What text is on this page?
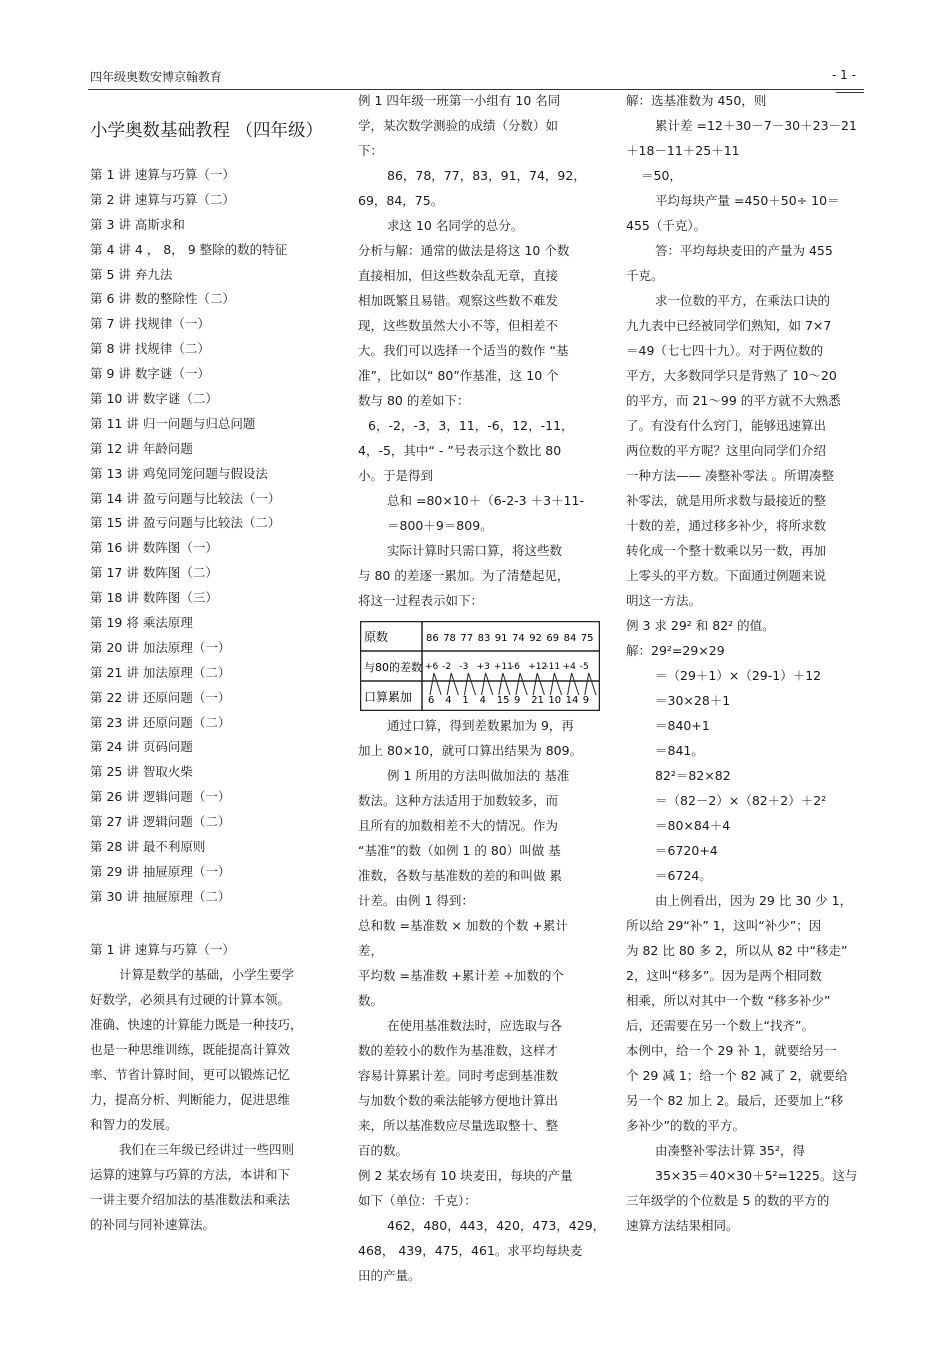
四年级奥数安博京翰教育	- 1 -
小学奥数基础教程 （四年级）
第 1 讲 速算与巧算（一）
第 2 讲 速算与巧算（二）
第 3 讲 高斯求和
第 4 讲 4 ， 8， 9 整除的数的特征
第 5 讲 弃九法
第 6 讲 数的整除性（二）
第 7 讲 找规律（一）
第 8 讲 找规律（二）
第 9 讲 数字谜（一）
第 10 讲 数字谜（二）
第 11 讲 归一问题与归总问题
第 12 讲 年龄问题
第 13 讲 鸡兔同笼问题与假设法
第 14 讲 盈亏问题与比较法（一）
第 15 讲 盈亏问题与比较法（二）
第 16 讲 数阵图（一）
第 17 讲 数阵图（二）
第 18 讲 数阵图（三）
第 19 将 乘法原理
第 20 讲 加法原理（一）
第 21 讲 加法原理（二）
第 22 讲 还原问题（一）
第 23 讲 还原问题（二）
第 24 讲 页码问题
第 25 讲 智取火柴
第 26 讲 逻辑问题（一）
第 27 讲 逻辑问题（二）
第 28 讲 最不利原则
第 29 讲 抽屉原理（一）
第 30 讲 抽屉原理（二）
第 1 讲 速算与巧算（一）
计算是数学的基础，小学生要学
好数学，必须具有过硬的计算本领。
准确、快速的计算能力既是一种技巧，
也是一种思维训练，既能提高计算效
率、节省计算时间，更可以锻炼记忆
力，提高分析、判断能力，促进思维
和智力的发展。
我们在三年级已经讲过一些四则
运算的速算与巧算的方法，本讲和下
一讲主要介绍加法的基准数法和乘法
的补同与同补速算法。
例 1 四年级一班第一小组有 10 名同
学，某次数学测验的成绩（分数）如
下：
86，78，77，83，91，74，92，
69，84，75。
求这 10 名同学的总分。
分析与解：通常的做法是将这 10 个数
直接相加，但这些数杂乱无章，直接
相加既繁且易错。观察这些数不难发
现，这些数虽然大小不等，但相差不
大。我们可以选择一个适当的数作 “基
准”，比如以“ 80”作基准，这 10 个
数与 80 的差如下：
6，-2，-3，3，11，-6，12，-11，
4，-5，其中“ - ”号表示这个数比 80
小。于是得到
总和 =80×10＋（6-2-3 ＋3＋11-
＝800＋9＝809。
实际计算时只需口算，将这些数
与 80 的差逐一累加。为了清楚起见，
将这一过程表示如下：
通过口算，得到差数累加为 9，再
加上 80×10，就可口算出结果为 809。
例 1 所用的方法叫做加法的 基准
数法。这种方法适用于加数较多，而
且所有的加数相差不大的情况。作为
“基准”的数（如例 1 的 80）叫做 基
准数，各数与基准数的差的和叫做 累
计差。由例 1 得到：
总和数 =基准数 × 加数的个数 +累计
差，
平均数 =基准数 +累计差 ÷加数的个
数。
在使用基准数法时，应选取与各
数的差较小的数作为基准数，这样才
容易计算累计差。同时考虑到基准数
与加数个数的乘法能够方便地计算出
来，所以基准数应尽量选取整十、整
百的数。
例 2 某农场有 10 块麦田，每块的产量
如下（单位：千克）：
462，480，443，420，473，429，
468， 439，475，461。求平均每块麦
田的产量。
原数
与80的差数
口算累加
86 78 77 83 91 74 92 69 84 75
+6 -2 -3 +3 +11
-6 +12
-11 +4 -5
6 4 1 4 15 9 21 10 14 9
解：选基准数为 450，则
累计差 =12＋30－7－30＋23－21
＋18－11＋25＋11
＝50，
平均每块产量 =450＋50÷ 10＝
455（千克）。
答：平均每块麦田的产量为 455
千克。
求一位数的平方，在乘法口诀的
九九表中已经被同学们熟知，如 7×7
＝49（七七四十九）。对于两位数的
平方，大多数同学只是背熟了 10～20
的平方，而 21～99 的平方就不大熟悉
了。有没有什么窍门，能够迅速算出
两位数的平方呢？这里向同学们介绍
一种方法—— 凑整补零法 。所谓凑整
补零法，就是用所求数与最接近的整
十数的差，通过移多补少，将所求数
转化成一个整十数乘以另一数，再加
上零头的平方数。下面通过例题来说
明这一方法。
例 3 求 29² 和 82² 的值。
解：29²=29×29
＝（29＋1）×（29-1）＋12
＝30×28＋1
＝840+1
＝841。
82²＝82×82
＝（82－2）×（82＋2）＋2²
＝80×84＋4
＝6720+4
＝6724。
由上例看出，因为 29 比 30 少 1，
所以给 29“补” 1，这叫“补少”；因
为 82 比 80 多 2，所以从 82 中“移走”
2，这叫“移多”。因为是两个相同数
相乘，所以对其中一个数 “移多补少”
后，还需要在另一个数上“找齐”。
本例中，给一个 29 补 1，就要给另一
个 29 减 1；给一个 82 减了 2，就要给
另一个 82 加上 2。最后，还要加上“移
多补少”的数的平方。
由凑整补零法计算 35²，得
35×35＝40×30＋5²=1225。这与
三年级学的个位数是 5 的数的平方的
速算方法结果相同。
